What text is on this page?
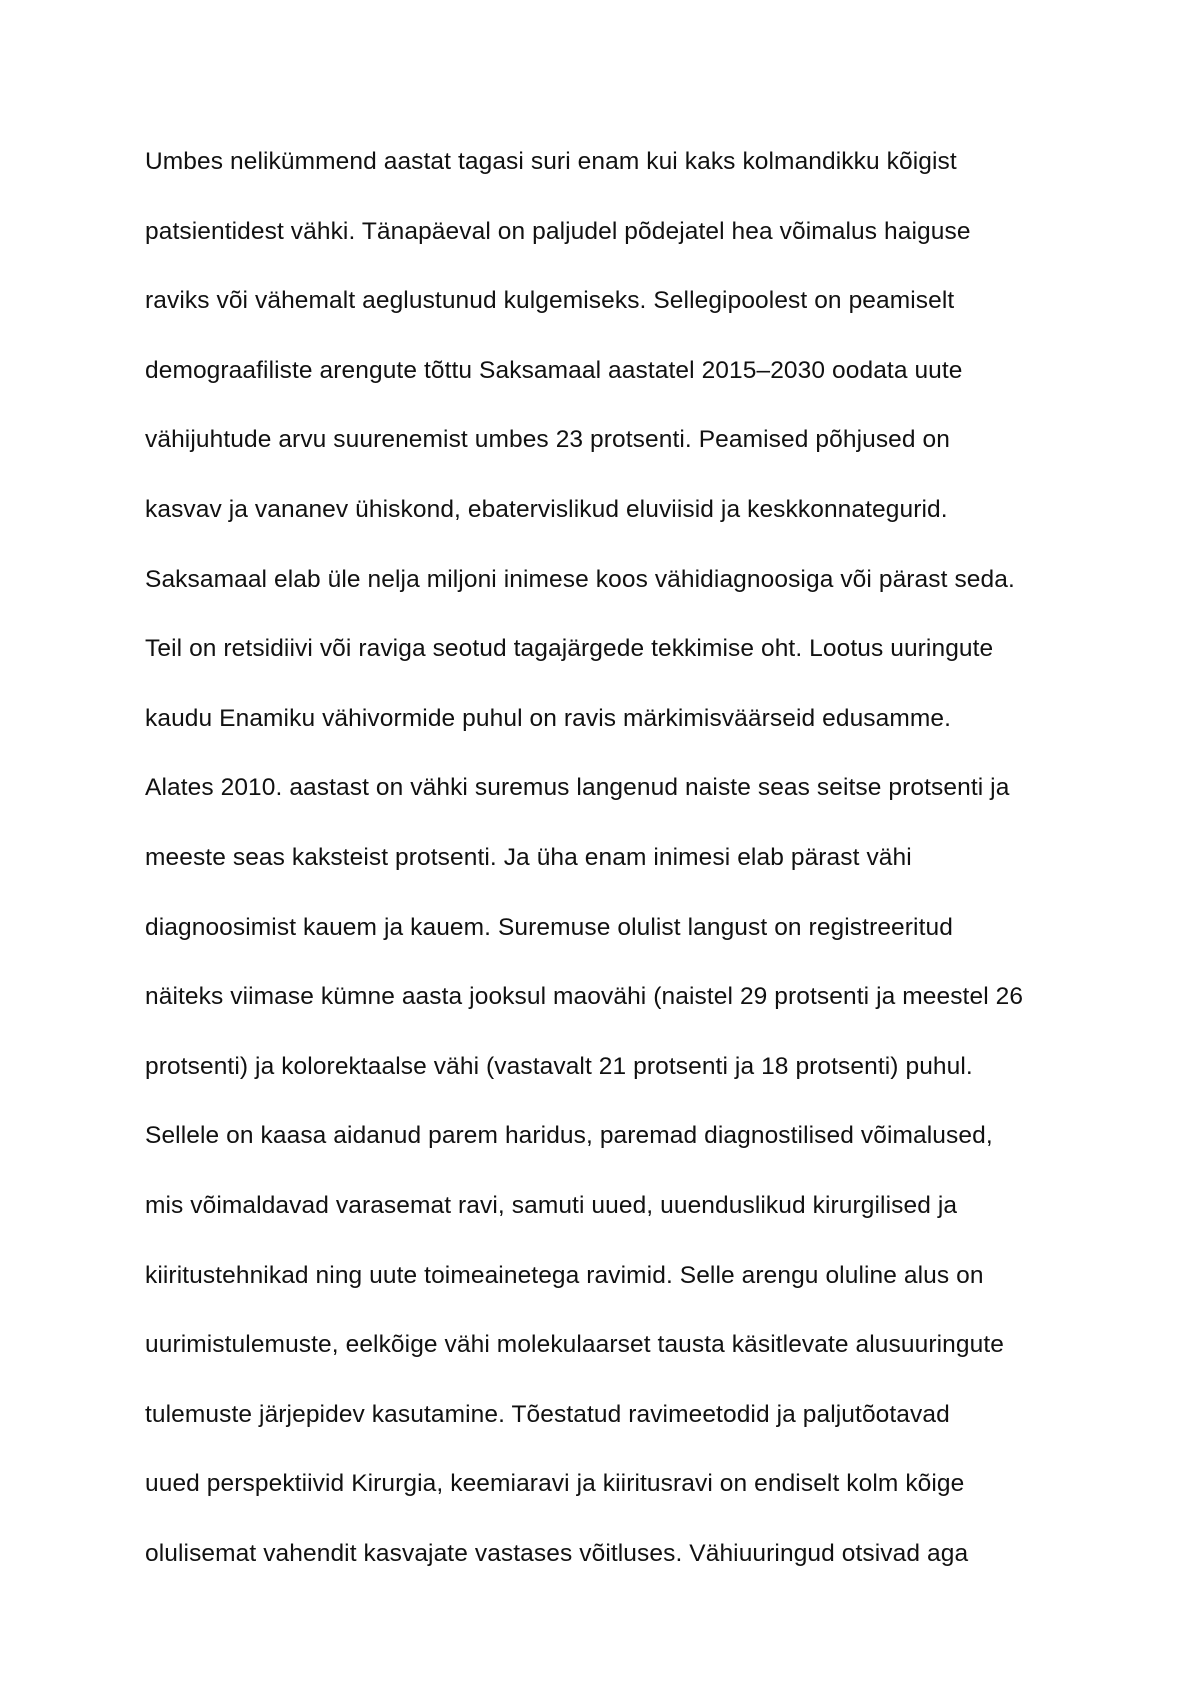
Umbes nelikümmend aastat tagasi suri enam kui kaks kolmandikku kõigist
patsientidest vähki. Tänapäeval on paljudel põdejatel hea võimalus haiguse
raviks või vähemalt aeglustunud kulgemiseks. Sellegipoolest on peamiselt
demograafiliste arengute tõttu Saksamaal aastatel 2015–2030 oodata uute
vähijuhtude arvu suurenemist umbes 23 protsenti. Peamised põhjused on
kasvav ja vananev ühiskond, ebatervislikud eluviisid ja keskkonnategurid.
Saksamaal elab üle nelja miljoni inimese koos vähidiagnoosiga või pärast seda.
Teil on retsidiivi või raviga seotud tagajärgede tekkimise oht. Lootus uuringute
kaudu Enamiku vähivormide puhul on ravis märkimisväärseid edusamme.
Alates 2010. aastast on vähki suremus langenud naiste seas seitse protsenti ja
meeste seas kaksteist protsenti. Ja üha enam inimesi elab pärast vähi
diagnoosimist kauem ja kauem. Suremuse olulist langust on registreeritud
näiteks viimase kümne aasta jooksul maovähi (naistel 29 protsenti ja meestel 26
protsenti) ja kolorektaalse vähi (vastavalt 21 protsenti ja 18 protsenti) puhul.
Sellele on kaasa aidanud parem haridus, paremad diagnostilised võimalused,
mis võimaldavad varasemat ravi, samuti uued, uuenduslikud kirurgilised ja
kiiritustehnikad ning uute toimeainetega ravimid. Selle arengu oluline alus on
uurimistulemuste, eelkõige vähi molekulaarset tausta käsitlevate alusuuringute
tulemuste järjepidev kasutamine. Tõestatud ravimeetodid ja paljutõotavad
uued perspektiivid Kirurgia, keemiaravi ja kiiritusravi on endiselt kolm kõige
olulisemat vahendit kasvajate vastases võitluses. Vähiuuringud otsivad aga
